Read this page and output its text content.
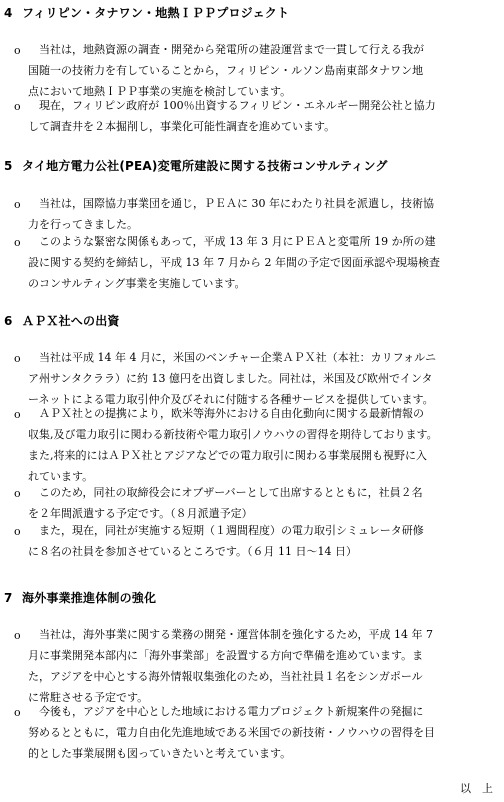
4 フィリピン・タナワン・地熱ＩＰＰプロジェクト
o 　当社は，地熱資源の調査・開発から発電所の建設運営まで一貫して行える我が
国随一の技術力を有していることから，フィリピン・ルソン島南東部タナワン地
点において地熱ＩＰＰ事業の実施を検討しています。
o 　現在，フィリピン政府が 100％出資するフィリピン・エネルギー開発公社と協力
して調査井を２本掘削し，事業化可能性調査を進めています。
5 タイ地方電力公社(PEA)変電所建設に関する技術コンサルティング
o 　当社は，国際協力事業団を通じ，ＰＥＡに 30 年にわたり社員を派遣し，技術協
力を行ってきました。
o 　このような緊密な関係もあって，平成 13 年 3 月にＰＥＡと変電所 19 か所の建
設に関する契約を締結し，平成 13 年 7 月から 2 年間の予定で図面承認や現場検査
のコンサルティング事業を実施しています。
6 ＡＰＸ社への出資
o 　当社は平成 14 年 4 月に，米国のベンチャー企業ＡＰＸ社（本社：カリフォルニ
ア州サンタクララ）に約 13 億円を出資しました。同社は，米国及び欧州でインタ
ーネットによる電力取引仲介及びそれに付随する各種サービスを提供しています。
o 　ＡＰＸ社との提携により，欧米等海外における自由化動向に関する最新情報の
収集,及び電力取引に関わる新技術や電力取引ノウハウの習得を期待しております。
また,将来的にはＡＰＸ社とアジアなどでの電力取引に関わる事業展開も視野に入
れています。
o 　このため，同社の取締役会にオブザーバーとして出席するとともに，社員２名
を２年間派遣する予定です。（８月派遣予定）
o 　また，現在，同社が実施する短期（１週間程度）の電力取引シミュレータ研修
に８名の社員を参加させているところです。（６月 11 日～14 日）
7 海外事業推進体制の強化
o 　当社は，海外事業に関する業務の開発・運営体制を強化するため，平成 14 年 7
月に事業開発本部内に「海外事業部」を設置する方向で準備を進めています。ま
た，アジアを中心とする海外情報収集強化のため，当社社員１名をシンガポール
に常駐させる予定です。
o 　今後も，アジアを中心とした地域における電力プロジェクト新規案件の発掘に
努めるとともに，電力自由化先進地域である米国での新技術・ノウハウの習得を目
的とした事業展開も図っていきたいと考えています。
以　上
